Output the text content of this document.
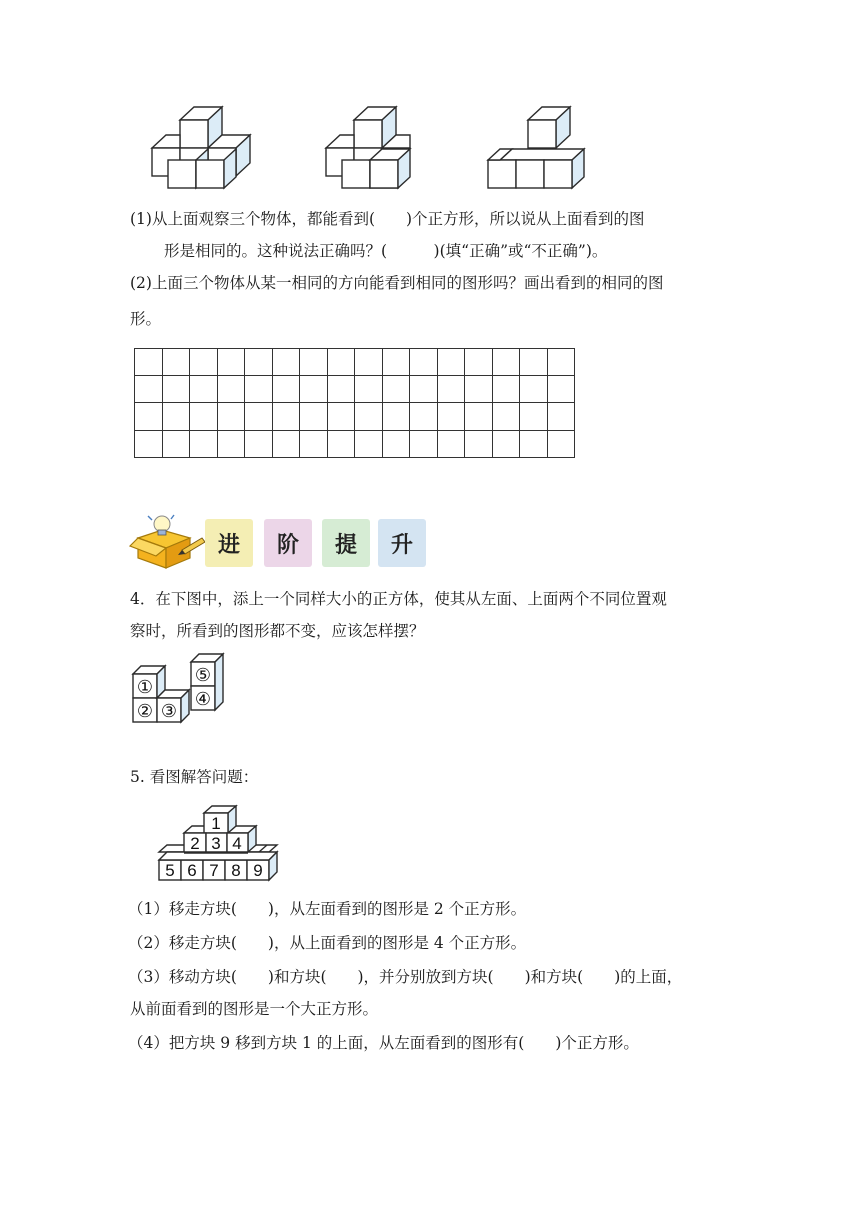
(1)从上面观察三个物体，都能看到(　　)个正方形，所以说从上面看到的图
形是相同的。这种说法正确吗？(　　　)(填“正确”或“不正确”)。
(2)上面三个物体从某一相同的方向能看到相同的图形吗？画出看到的相同的图
形。

进	阶	提	升
4．在下图中，添上一个同样大小的正方体，使其从左面、上面两个不同位置观
察时，所看到的图形都不变，应该怎样摆？
①
② ③
④
⑤
5. 看图解答问题：
1
2 3 4
5 6 7 8 9
（1）移走方块(　　)，从左面看到的图形是 2 个正方形。
（2）移走方块(　　)，从上面看到的图形是 4 个正方形。
（3）移动方块(　　)和方块(　　)，并分别放到方块(　　)和方块(　　)的上面，
从前面看到的图形是一个大正方形。
（4）把方块 9 移到方块 1 的上面，从左面看到的图形有(　　)个正方形。
